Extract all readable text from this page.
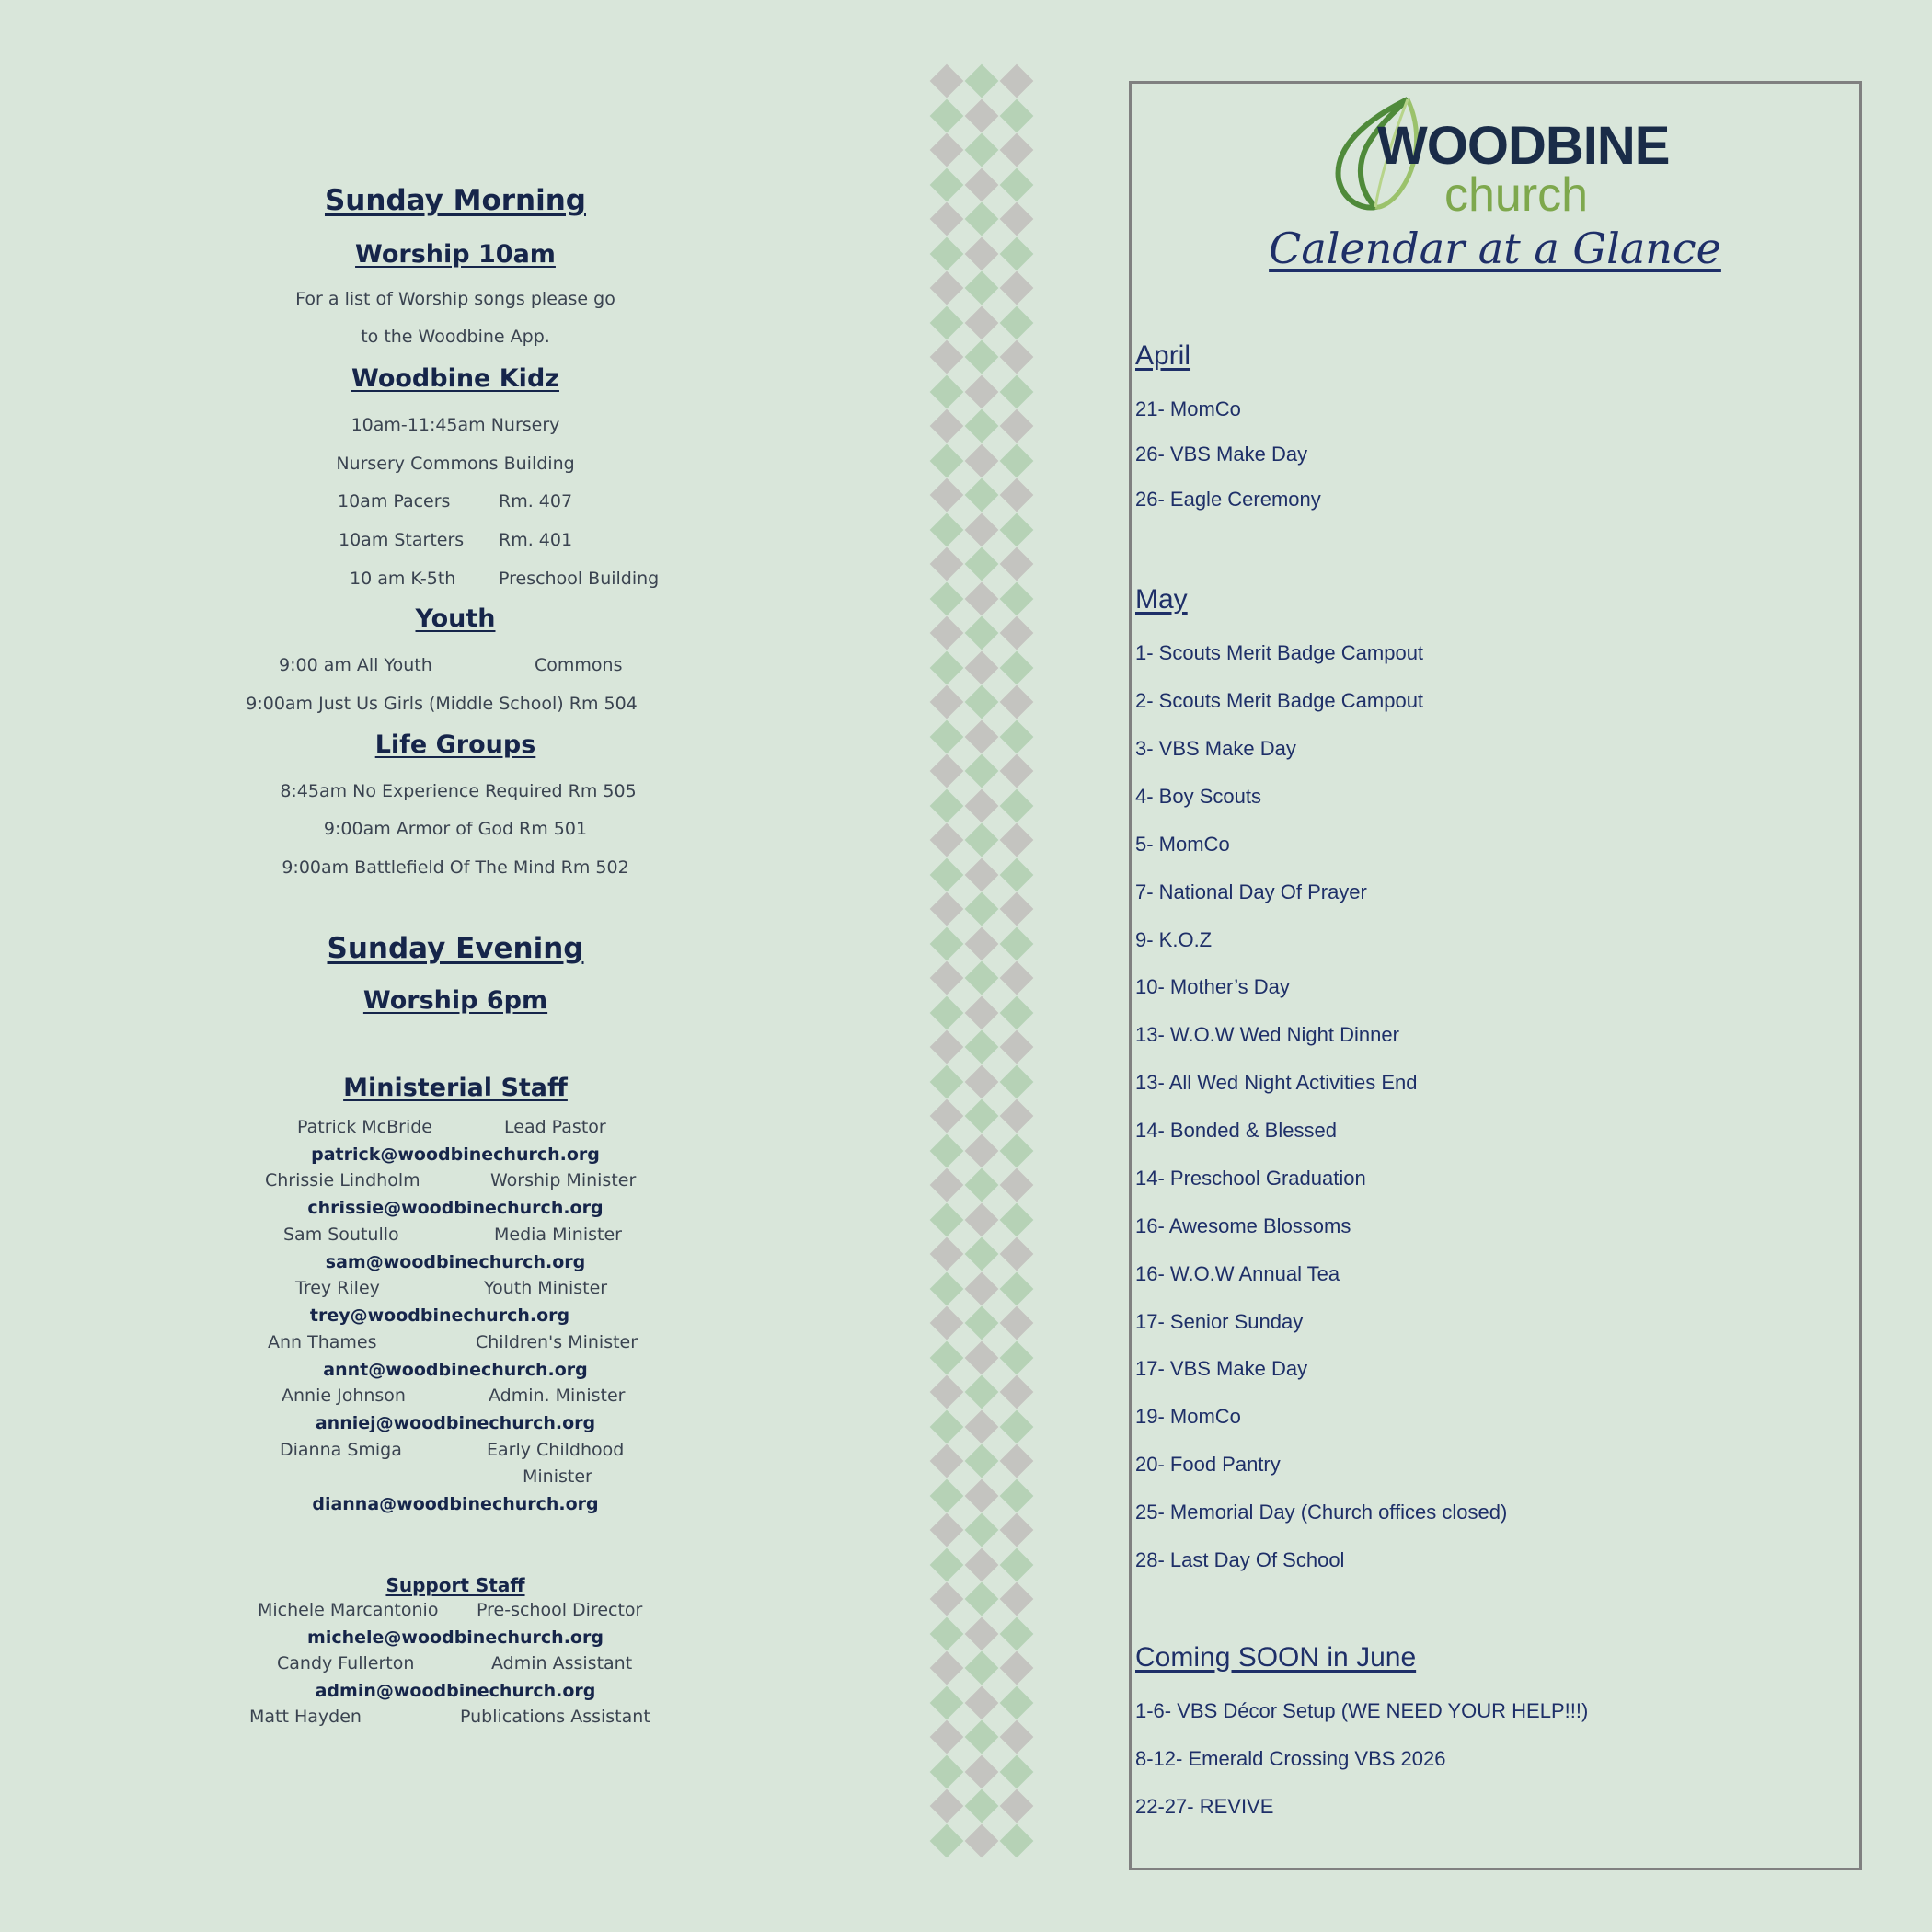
Sunday Morning
Worship 10am
For a list of Worship songs please go
to the Woodbine App.
Woodbine Kidz
10am-11:45am Nursery
Nursery Commons Building
10am Pacers	Rm. 407
10am Starters Rm. 401
10 am K-5th Preschool Building
Youth
9:00 am All Youth	Commons
9:00am Just Us Girls (Middle School) Rm 504
Life Groups
8:45am No Experience Required Rm 505
9:00am Armor of God Rm 501
9:00am Battlefield Of The Mind Rm 502
Sunday Evening
Worship 6pm
Ministerial Staff
Patrick McBride	Lead Pastor
patrick@woodbinechurch.org
Chrissie Lindholm	Worship Minister
chrissie@woodbinechurch.org
Sam Soutullo	Media Minister
sam@woodbinechurch.org
Trey Riley	Youth Minister
trey@woodbinechurch.org
Ann Thames	Children's Minister
annt@woodbinechurch.org
Annie Johnson	Admin. Minister
anniej@woodbinechurch.org
Dianna Smiga	Early Childhood
Minister
dianna@woodbinechurch.org
Support Staff
Michele Marcantonio Pre-school Director
michele@woodbinechurch.org
Candy Fullerton	Admin Assistant
admin@woodbinechurch.org
Matt Hayden	Publications Assistant
WOODBINE
church
Calendar at a Glance
April
21- MomCo
26- VBS Make Day
26- Eagle Ceremony
May
1- Scouts Merit Badge Campout
2- Scouts Merit Badge Campout
3- VBS Make Day
4- Boy Scouts
5- MomCo
7- National Day Of Prayer
9- K.O.Z
10- Mother’s Day
13- W.O.W Wed Night Dinner
13- All Wed Night Activities End
14- Bonded & Blessed
14- Preschool Graduation
16- Awesome Blossoms
16- W.O.W Annual Tea
17- Senior Sunday
17- VBS Make Day
19- MomCo
20- Food Pantry
25- Memorial Day (Church offices closed)
28- Last Day Of School
Coming SOON in June
1-6- VBS Décor Setup (WE NEED YOUR HELP!!!)
8-12- Emerald Crossing VBS 2026
22-27- REVIVE
